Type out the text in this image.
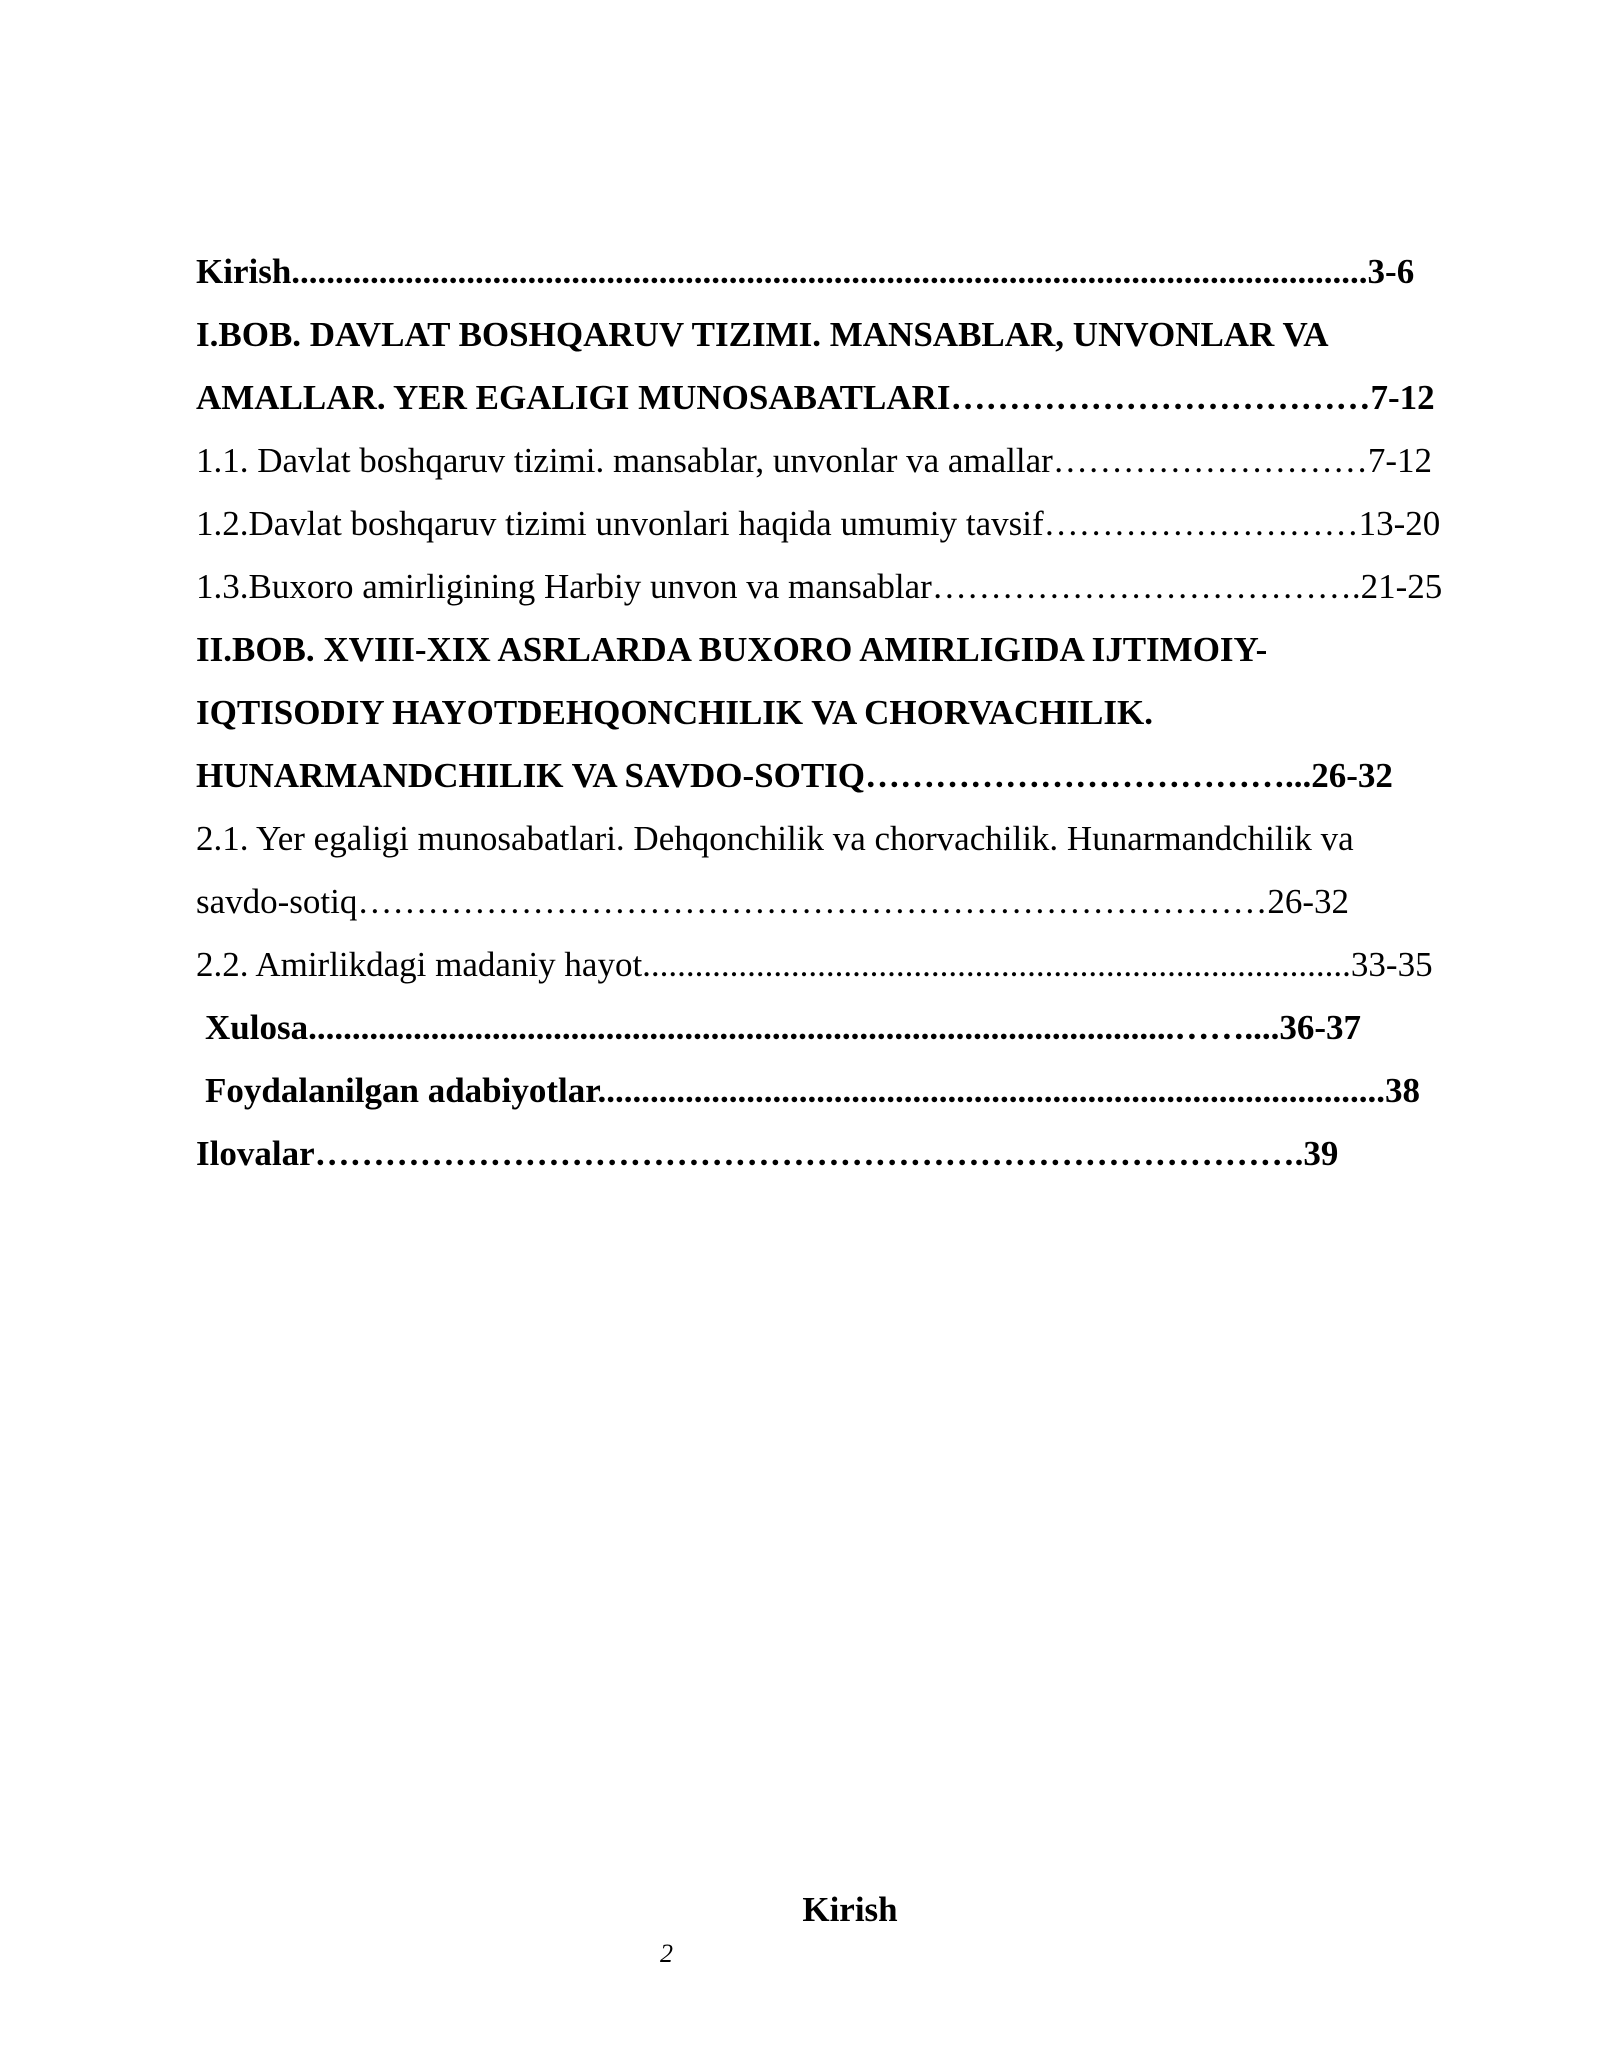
Kirish...........................................................................................................................3-6
I.BOB. DAVLAT BOSHQARUV TIZIMI. MANSABLAR, UNVONLAR VA
AMALLAR. YER EGALIGI MUNOSABATLARI………………………………7-12
1.1. Davlat boshqaruv tizimi. mansablar, unvonlar va amallar………………………7-12
1.2.Davlat boshqaruv tizimi unvonlari haqida umumiy tavsif………………………13-20
1.3.Buxoro amirligining Harbiy unvon va mansablar……………………………….21-25
II.BOB. XVIII-XIX ASRLARDA BUXORO AMIRLIGIDA IJTIMOIY-
IQTISODIY HAYOTDEHQONCHILIK VA CHORVACHILIK.
HUNARMANDCHILIK VA SAVDO-SOTIQ………………………………...26-32
2.1. Yer egaligi munosabatlari. Dehqonchilik va chorvachilik. Hunarmandchilik va
savdo-sotiq……………………………………………………………………26-32
2.2. Amirlikdagi madaniy hayot.................................................................................33-35
Xulosa...................................................................................................……....36-37
Foydalanilgan adabiyotlar..........................................................................................38
Ilovalar………………………………………………………………………….39
Kirish
2
